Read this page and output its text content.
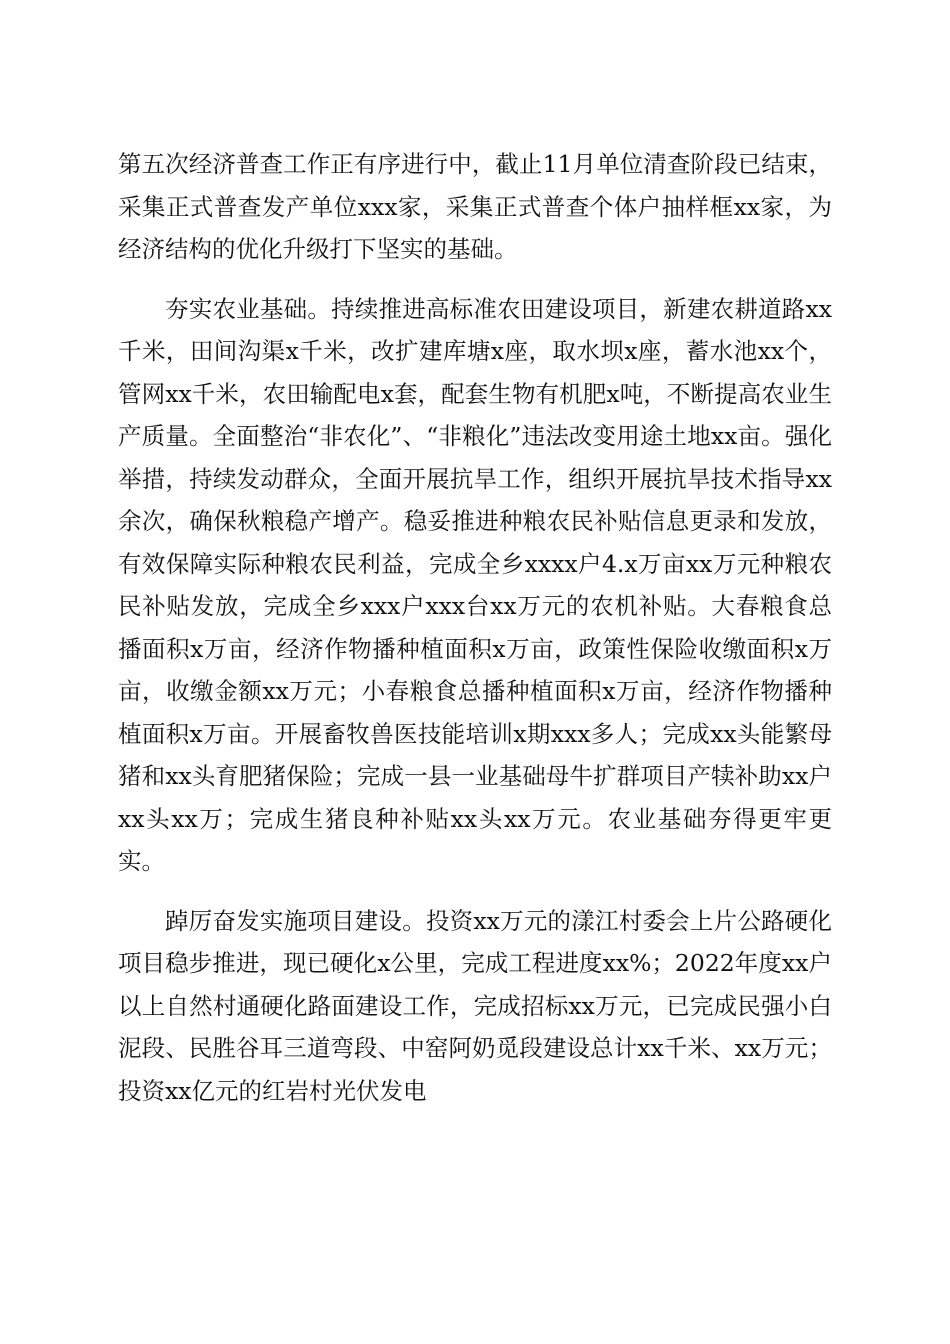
第五次经济普查工作正有序进行中，截止11月单位清查阶段已结束，采集正式普查发产单位xxx家，采集正式普查个体户抽样框xx家，为经济结构的优化升级打下坚实的基础。

夯实农业基础。持续推进高标准农田建设项目，新建农耕道路xx千米，田间沟渠x千米，改扩建库塘x座，取水坝x座，蓄水池xx个，管网xx千米，农田输配电x套，配套生物有机肥x吨，不断提高农业生产质量。全面整治“非农化”、“非粮化”违法改变用途土地xx亩。强化举措，持续发动群众，全面开展抗旱工作，组织开展抗旱技术指导xx余次，确保秋粮稳产增产。稳妥推进种粮农民补贴信息更录和发放，有效保障实际种粮农民利益，完成全乡xxxx户4.x万亩xx万元种粮农民补贴发放，完成全乡xxx户xxx台xx万元的农机补贴。大春粮食总播面积x万亩，经济作物播种植面积x万亩，政策性保险收缴面积x万亩，收缴金额xx万元；小春粮食总播种植面积x万亩，经济作物播种植面积x万亩。开展畜牧兽医技能培训x期xxx多人；完成xx头能繁母猪和xx头育肥猪保险；完成一县一业基础母牛扩群项目产犊补助xx户xx头xx万；完成生猪良种补贴xx头xx万元。农业基础夯得更牢更实。

踔厉奋发实施项目建设。投资xx万元的漾江村委会上片公路硬化项目稳步推进，现已硬化x公里，完成工程进度xx%；2022年度xx户以上自然村通硬化路面建设工作，完成招标xx万元，已完成民强小白泥段、民胜谷耳三道弯段、中窑阿奶觅段建设总计xx千米、xx万元；投资xx亿元的红岩村光伏发电
